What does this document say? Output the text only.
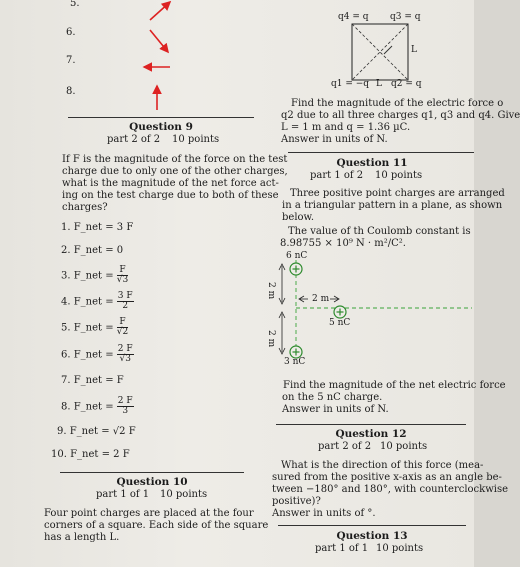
5.
6.
7.
8.
Question 9
part 2 of 2 10 points
If F is the magnitude of the force on the test
charge due to only one of the other charges,
what is the magnitude of the net force act-
ing on the test charge due to both of these
charges?
1. F_net = 3 F
2. F_net = 0
3. F_net = $\frac{F}{√3}$
4. F_net = $\frac{3 F}{2}$
5. F_net = $\frac{F}{√2}$
6. F_net = $\frac{2 F}{√3}$
7. F_net = F
8. F_net = $\frac{2 F}{3}$
9. F_net = √2 F
10. F_net = 2 F
Question 10
part 1 of 1 10 points
Four point charges are placed at the four
corners of a square. Each side of the square
has a length L.
q4 = q q3 = q
L
q1 = −q L q2 = q
Find the magnitude of the electric force o
q2 due to all three charges q1, q3 and q4. Give
L = 1 m and q = 1.36 µC.
Answer in units of N.
Question 11
part 1 of 2 10 points
Three positive point charges are arranged
in a triangular pattern in a plane, as shown
below.
The value of th Coulomb constant is
8.98755 × 10⁹ N · m²/C².
6 nC
2 m
5 nC
3 nC
2 m
2 m
Find the magnitude of the net electric force
on the 5 nC charge.
Answer in units of N.
Question 12
part 2 of 2 10 points
What is the direction of this force (mea-
sured from the positive x-axis as an angle be-
tween −180° and 180°, with counterclockwise
positive)?
Answer in units of °.
Question 13
part 1 of 1 10 points
